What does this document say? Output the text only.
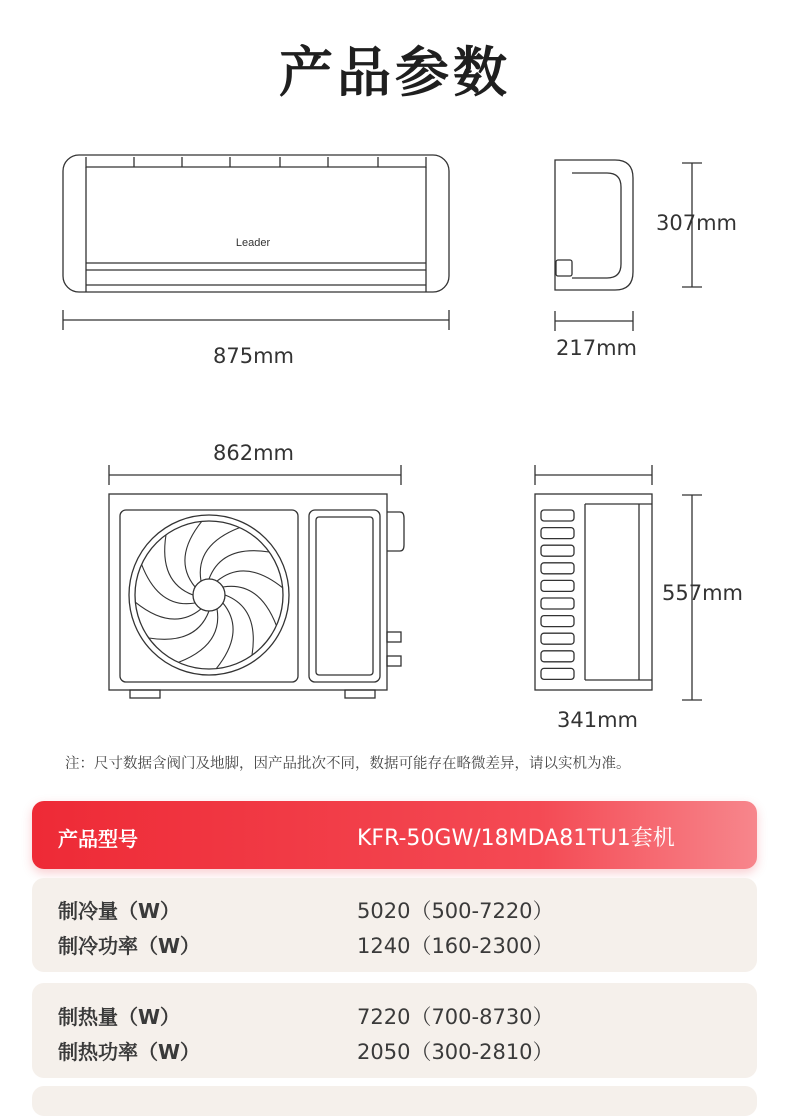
产品参数
Leader
875mm
307mm
217mm
862mm
557mm
341mm
注：尺寸数据含阀门及地脚，因产品批次不同，数据可能存在略微差异，请以实机为准。
产品型号	KFR-50GW/18MDA81TU1套机
制冷量（W）	5020（500-7220）
制冷功率（W）	1240（160-2300）
制热量（W）	7220（700-8730）
制热功率（W）	2050（300-2810）
